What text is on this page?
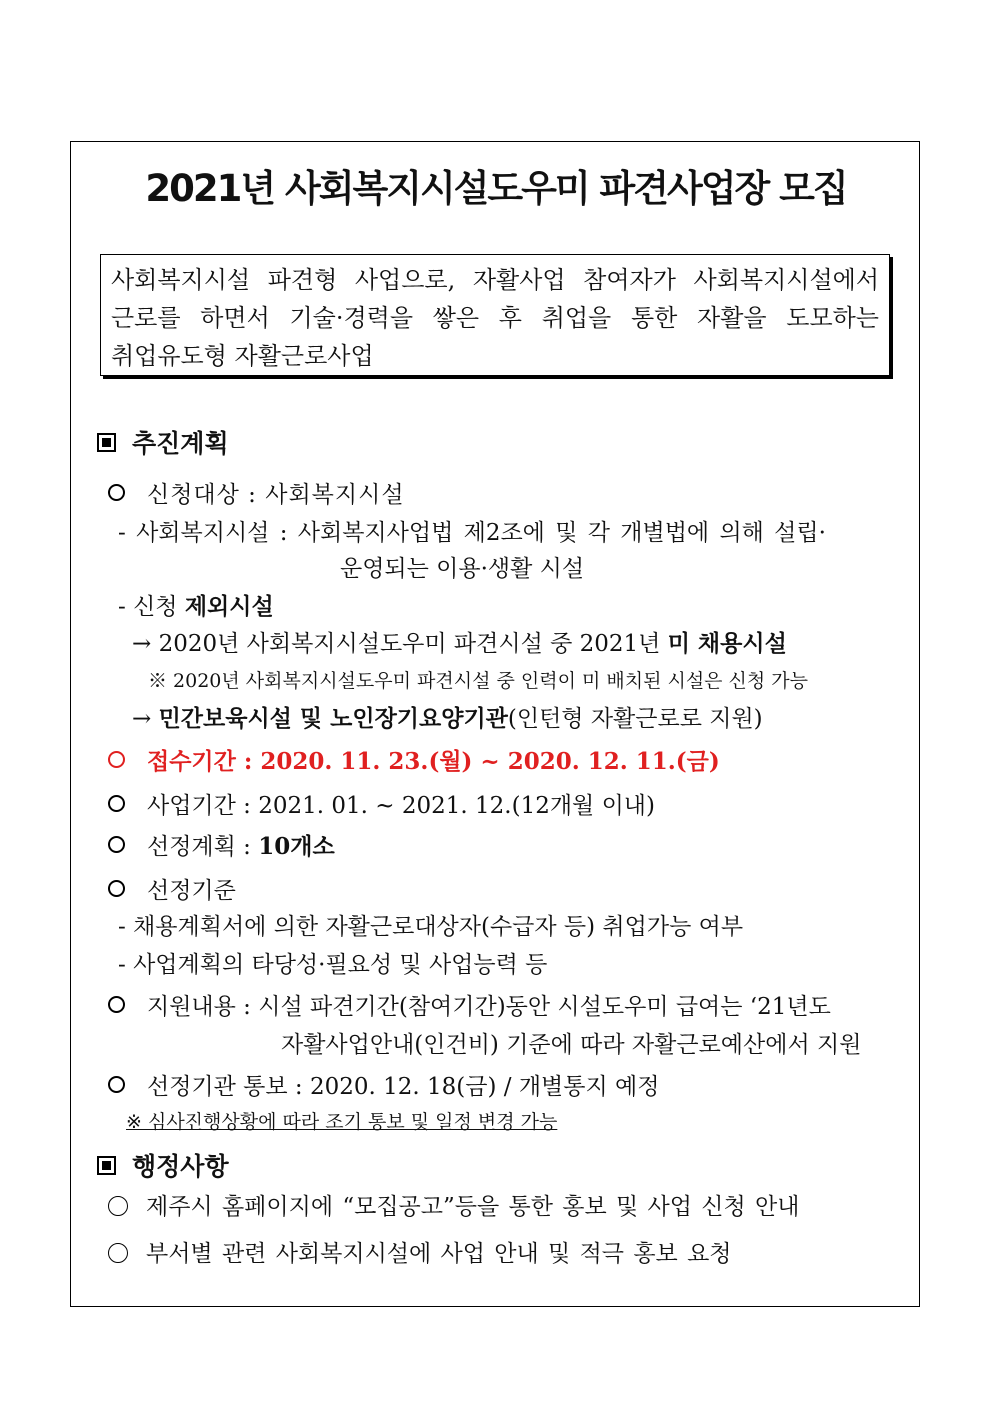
2021년 사회복지시설도우미 파견사업장 모집
사회복지시설 파견형 사업으로, 자활사업 참여자가 사회복지시설에서
근로를 하면서 기술·경력을 쌓은 후 취업을 통한 자활을 도모하는
취업유도형 자활근로사업
추진계획
신청대상 : 사회복지시설
- 사회복지시설 : 사회복지사업법 제2조에 및 각 개별법에 의해 설립·
운영되는 이용·생활 시설
- 신청 제외시설
→ 2020년 사회복지시설도우미 파견시설 중 2021년 미 채용시설
※ 2020년 사회복지시설도우미 파견시설 중 인력이 미 배치된 시설은 신청 가능
→ 민간보육시설 및 노인장기요양기관(인턴형 자활근로로 지원)
접수기간 : 2020. 11. 23.(월) ~ 2020. 12. 11.(금)
사업기간 : 2021. 01. ~ 2021. 12.(12개월 이내)
선정계획 : 10개소
선정기준
- 채용계획서에 의한 자활근로대상자(수급자 등) 취업가능 여부
- 사업계획의 타당성·필요성 및 사업능력 등
지원내용 : 시설 파견기간(참여기간)동안 시설도우미 급여는 ‘21년도
자활사업안내(인건비) 기준에 따라 자활근로예산에서 지원
선정기관 통보 : 2020. 12. 18(금) / 개별통지 예정
※ 심사진행상황에 따라 조기 통보 및 일정 변경 가능
행정사항
제주시 홈페이지에 “모집공고”등을 통한 홍보 및 사업 신청 안내
부서별 관련 사회복지시설에 사업 안내 및 적극 홍보 요청
